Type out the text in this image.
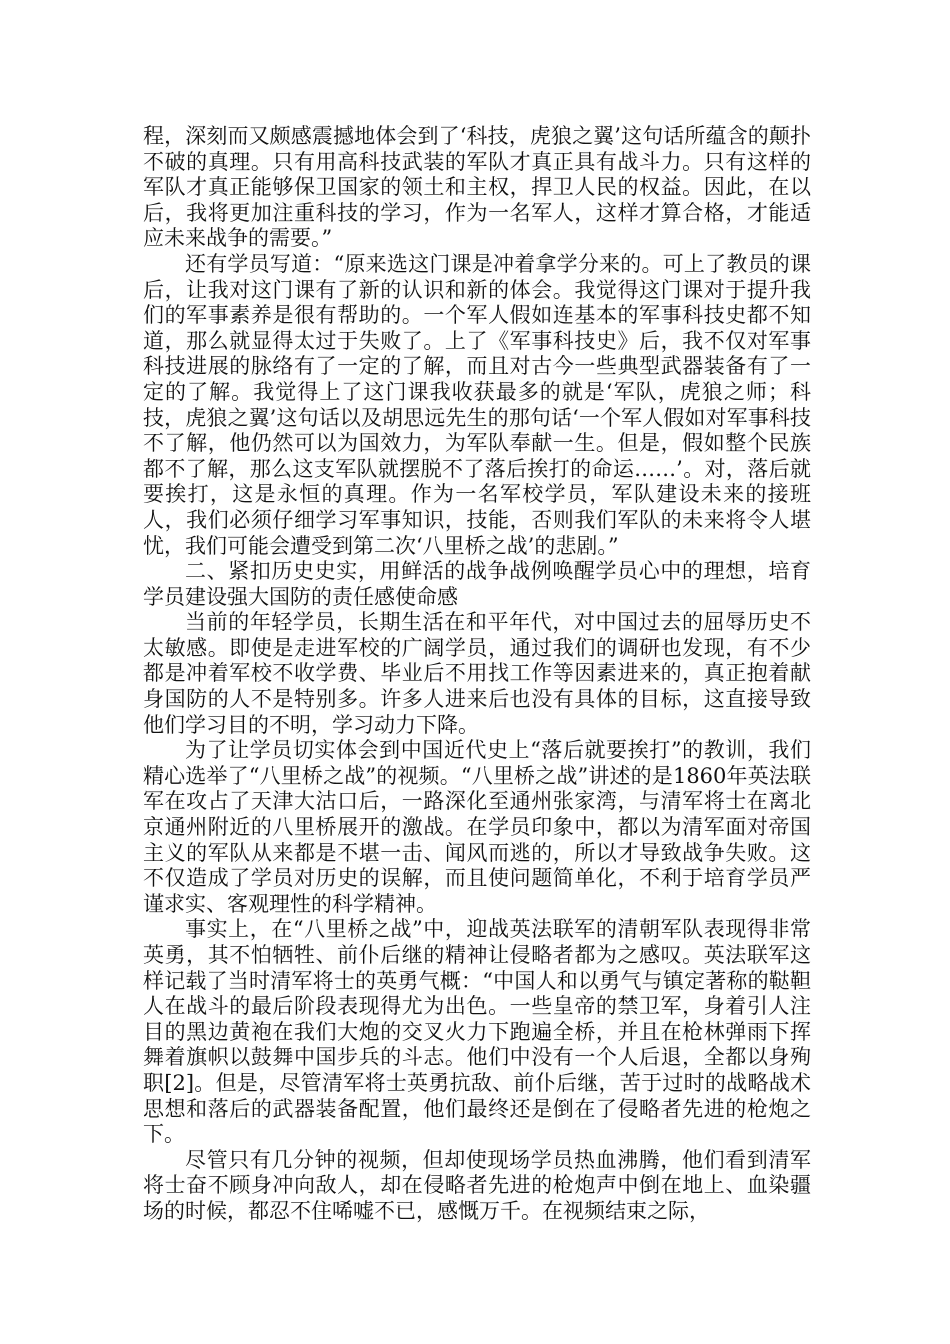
程，深刻而又颇感震撼地体会到了‘科技，虎狼之翼’这句话所蕴含的颠扑不破的真理。只有用高科技武装的军队才真正具有战斗力。只有这样的军队才真正能够保卫国家的领土和主权，捍卫人民的权益。因此，在以后，我将更加注重科技的学习，作为一名军人，这样才算合格，才能适应未来战争的需要。”

还有学员写道：“原来选这门课是冲着拿学分来的。可上了教员的课后，让我对这门课有了新的认识和新的体会。我觉得这门课对于提升我们的军事素养是很有帮助的。一个军人假如连基本的军事科技史都不知道，那么就显得太过于失败了。上了《军事科技史》后，我不仅对军事科技进展的脉络有了一定的了解，而且对古今一些典型武器装备有了一定的了解。我觉得上了这门课我收获最多的就是‘军队，虎狼之师；科技，虎狼之翼’这句话以及胡思远先生的那句话‘一个军人假如对军事科技不了解，他仍然可以为国效力，为军队奉献一生。但是，假如整个民族都不了解，那么这支军队就摆脱不了落后挨打的命运……’。对，落后就要挨打，这是永恒的真理。作为一名军校学员，军队建设未来的接班人，我们必须仔细学习军事知识，技能，否则我们军队的未来将令人堪忧，我们可能会遭受到第二次‘八里桥之战’的悲剧。”

二、紧扣历史史实，用鲜活的战争战例唤醒学员心中的理想，培育学员建设强大国防的责任感使命感

当前的年轻学员，长期生活在和平年代，对中国过去的屈辱历史不太敏感。即使是走进军校的广阔学员，通过我们的调研也发现，有不少都是冲着军校不收学费、毕业后不用找工作等因素进来的，真正抱着献身国防的人不是特别多。许多人进来后也没有具体的目标，这直接导致他们学习目的不明，学习动力下降。

为了让学员切实体会到中国近代史上“落后就要挨打”的教训，我们精心选举了“八里桥之战”的视频。“八里桥之战”讲述的是1860年英法联军在攻占了天津大沽口后，一路深化至通州张家湾，与清军将士在离北京通州附近的八里桥展开的激战。在学员印象中，都以为清军面对帝国主义的军队从来都是不堪一击、闻风而逃的，所以才导致战争失败。这不仅造成了学员对历史的误解，而且使问题简单化，不利于培育学员严谨求实、客观理性的科学精神。

事实上，在“八里桥之战”中，迎战英法联军的清朝军队表现得非常英勇，其不怕牺牲、前仆后继的精神让侵略者都为之感叹。英法联军这样记载了当时清军将士的英勇气概：“中国人和以勇气与镇定著称的鞑靼人在战斗的最后阶段表现得尤为出色。一些皇帝的禁卫军，身着引人注目的黑边黄袍在我们大炮的交叉火力下跑遍全桥，并且在枪林弹雨下挥舞着旗帜以鼓舞中国步兵的斗志。他们中没有一个人后退，全都以身殉职[2]。但是，尽管清军将士英勇抗敌、前仆后继，苦于过时的战略战术思想和落后的武器装备配置，他们最终还是倒在了侵略者先进的枪炮之下。

尽管只有几分钟的视频，但却使现场学员热血沸腾，他们看到清军将士奋不顾身冲向敌人，却在侵略者先进的枪炮声中倒在地上、血染疆场的时候，都忍不住唏嘘不已，感慨万千。在视频结束之际，
